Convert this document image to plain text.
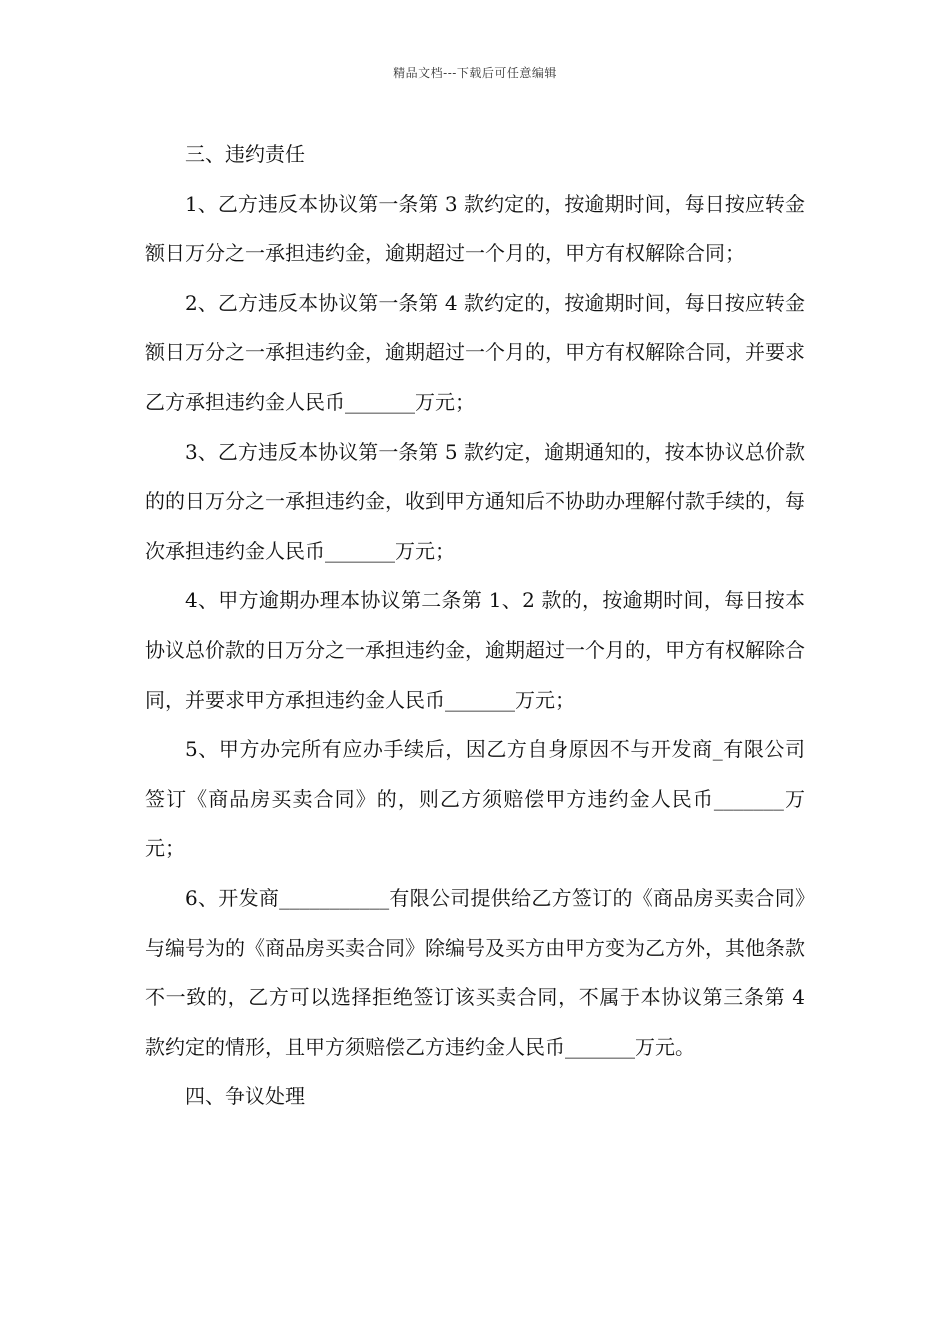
精品文档---下载后可任意编辑

三、违约责任

1、乙方违反本协议第一条第 3 款约定的，按逾期时间，每日按应转金额日万分之一承担违约金，逾期超过一个月的，甲方有权解除合同；

2、乙方违反本协议第一条第 4 款约定的，按逾期时间，每日按应转金额日万分之一承担违约金，逾期超过一个月的，甲方有权解除合同，并要求乙方承担违约金人民币_______万元；

3、乙方违反本协议第一条第 5 款约定，逾期通知的，按本协议总价款的的日万分之一承担违约金，收到甲方通知后不协助办理解付款手续的，每次承担违约金人民币_______万元；

4、甲方逾期办理本协议第二条第 1、2 款的，按逾期时间，每日按本协议总价款的日万分之一承担违约金，逾期超过一个月的，甲方有权解除合同，并要求甲方承担违约金人民币_______万元；

5、甲方办完所有应办手续后，因乙方自身原因不与开发商_有限公司签订《商品房买卖合同》的，则乙方须赔偿甲方违约金人民币_______万元；

6、开发商___________有限公司提供给乙方签订的《商品房买卖合同》与编号为的《商品房买卖合同》除编号及买方由甲方变为乙方外，其他条款不一致的，乙方可以选择拒绝签订该买卖合同，不属于本协议第三条第 4 款约定的情形，且甲方须赔偿乙方违约金人民币_______万元。

四、争议处理
